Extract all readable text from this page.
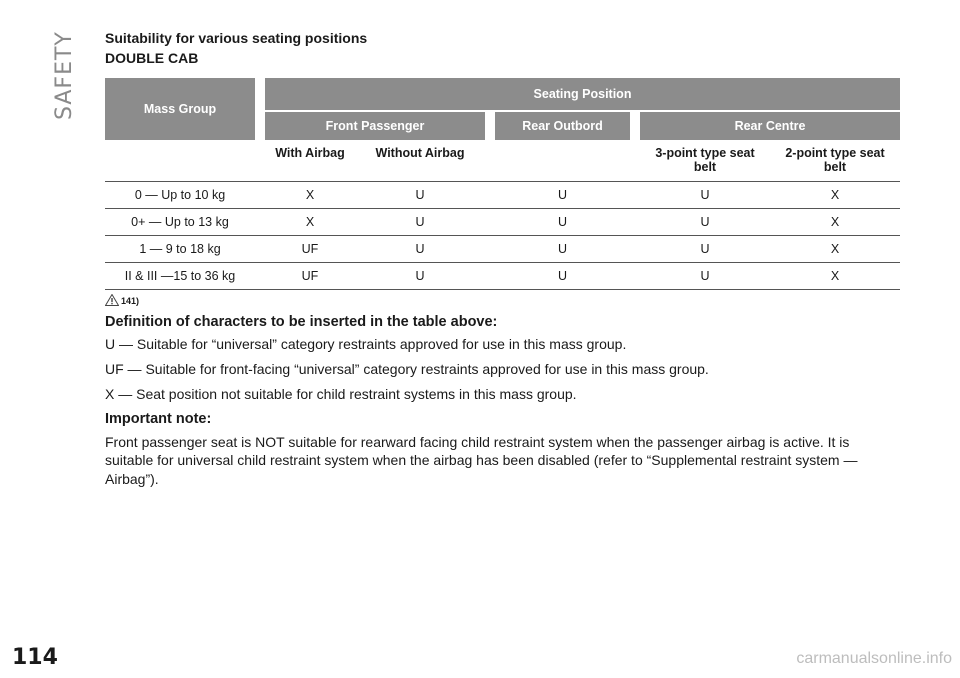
SAFETY
114	carmanualsonline.info
Suitability for various seating positions
DOUBLE CAB
Mass Group		Seating Position						
		Front Passenger			Rear Outbord		Rear Centre	
		With Airbag	Without Airbag				3-point type seat belt	2-point type seat belt
0 — Up to 10 kg		X	U		U		U	X
0+ — Up to 13 kg		X	U		U		U	X
1 — 9 to 18 kg		UF	U		U		U	X
II & III —15 to 36 kg		UF	U		U		U	X
141)
Definition of characters to be inserted in the table above:
U — Suitable for “universal” category restraints approved for use in this mass group.
UF — Suitable for front-facing “universal” category restraints approved for use in this mass group.
X — Seat position not suitable for child restraint systems in this mass group.
Important note:

Front passenger seat is NOT suitable for rearward facing child restraint system when the passenger airbag is active. It is suitable for universal child restraint system when the airbag has been disabled (refer to “Supplemental restraint system — Airbag”).
